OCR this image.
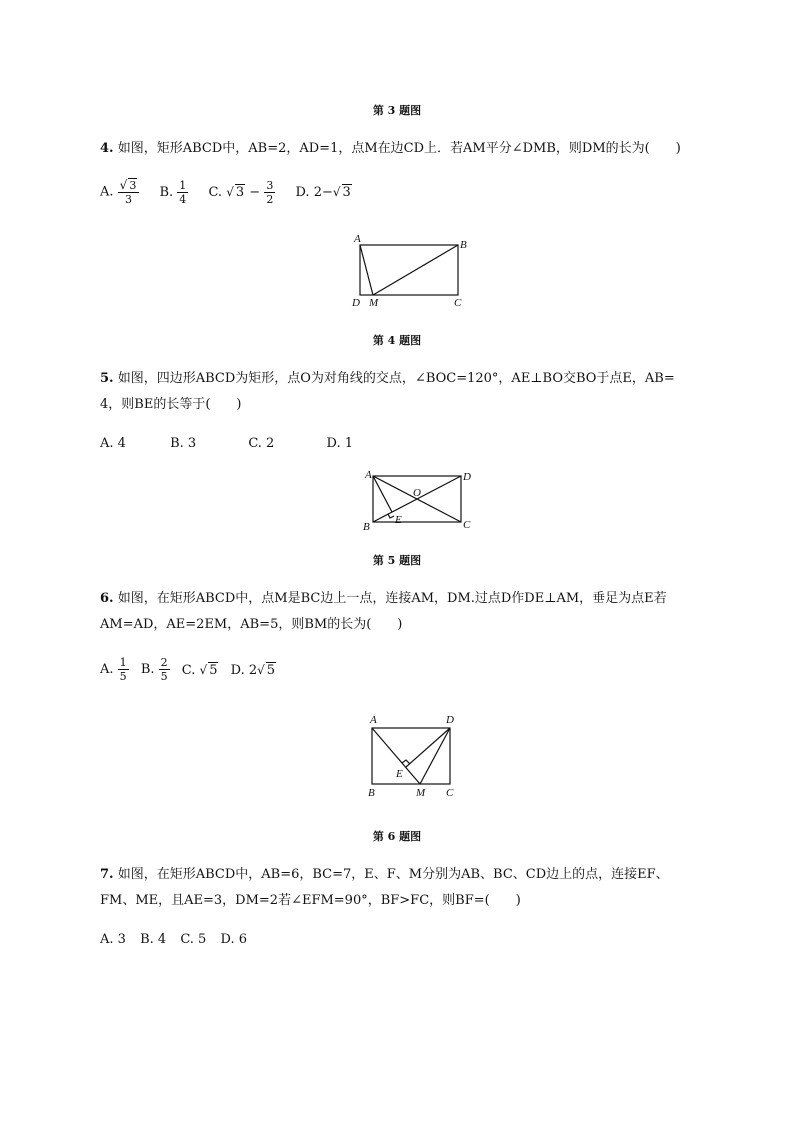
第 3 题图
4. 如图，矩形ABCD中，AB=2，AD=1，点M在边CD上．若AM平分∠DMB，则DM的长为(　　)
A. $\frac{√ 3}{3} B$. $\frac{1}{4} C$. √ $3 - \frac{3}{2} D$. 2−√ 3
A	B
C
D M
第 4 题图
5. 如图，四边形ABCD为矩形，点O为对角线的交点，∠BOC=120°，AE⊥BO交BO于点E，AB=
4，则BE的长等于(　　)
A. 4	B. 3	C. 2	D. 1
A	D
B	C
O
E
第 5 题图
6. 如图，在矩形ABCD中，点M是BC边上一点，连接AM，DM.过点D作DE⊥AM，垂足为点E若
AM=AD，AE=2EM，AB=5，则BM的长为(　　)
A. $\frac{1}{5} B$. $\frac{2}{5} C$. √ 5 D. 2√ 5
A	D
B	C
E
M
第 6 题图
7. 如图，在矩形ABCD中，AB=6，BC=7，E、F、M分别为AB、BC、CD边上的点，连接EF、
FM、ME，且AE=3，DM=2若∠EFM=90°，BF>FC，则BF=(　　)
A. 3 B. 4 C. 5 D. 6
